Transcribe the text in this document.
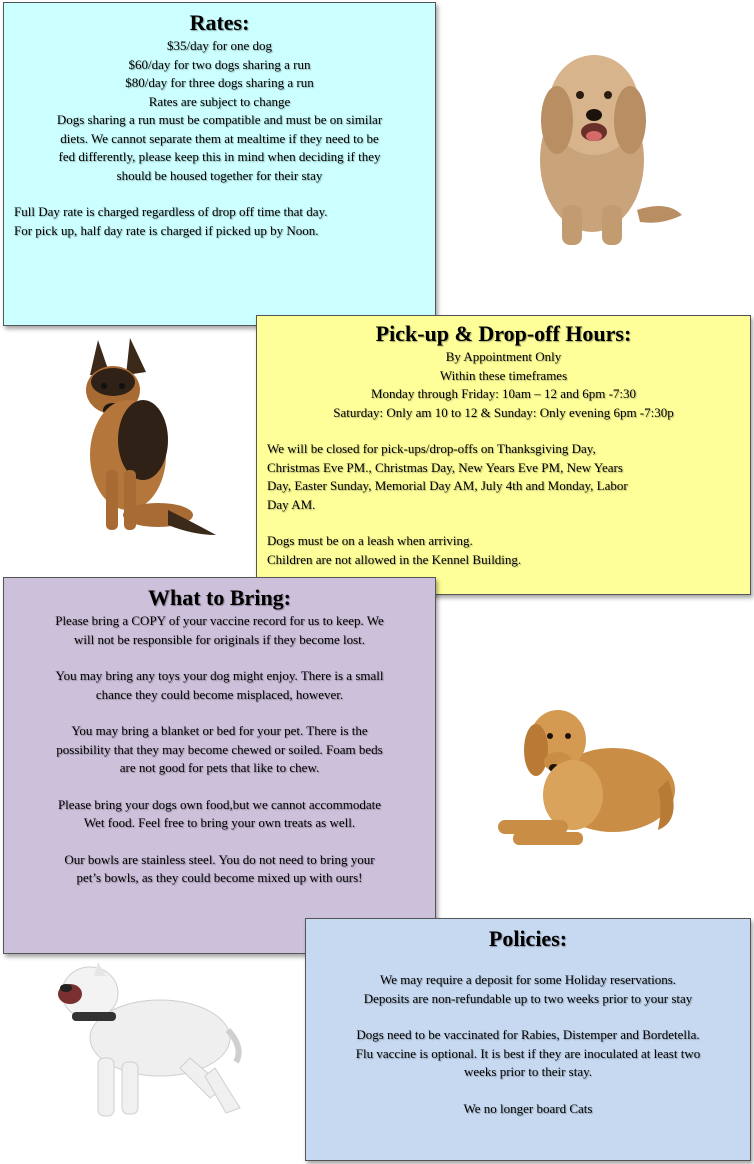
Rates:
$35/day for one dog
$60/day for two dogs sharing a run
$80/day for three dogs sharing a run
Rates are subject to change
Dogs sharing a run must be compatible and must be on similar
diets. We cannot separate them at mealtime if they need to be
fed differently, please keep this in mind when deciding if they
should be housed together for their stay
Full Day rate is charged regardless of drop off time that day.
For pick up, half day rate is charged if picked up by Noon.
Pick-up & Drop-off Hours:
By Appointment Only
Within these timeframes
Monday through Friday: 10am – 12 and 6pm -7:30
Saturday: Only am 10 to 12 & Sunday: Only evening 6pm -7:30p
We will be closed for pick-ups/drop-offs on Thanksgiving Day,
Christmas Eve PM., Christmas Day, New Years Eve PM, New Years
Day, Easter Sunday, Memorial Day AM, July 4th and Monday, Labor
Day AM.
Dogs must be on a leash when arriving.
Children are not allowed in the Kennel Building.
What to Bring:
Please bring a COPY of your vaccine record for us to keep. We
will not be responsible for originals if they become lost.
You may bring any toys your dog might enjoy. There is a small
chance they could become misplaced, however.
You may bring a blanket or bed for your pet. There is the
possibility that they may become chewed or soiled. Foam beds
are not good for pets that like to chew.
Please bring your dogs own food,but we cannot accommodate
Wet food. Feel free to bring your own treats as well.
Our bowls are stainless steel. You do not need to bring your
pet’s bowls, as they could become mixed up with ours!
Policies:
We may require a deposit for some Holiday reservations.
Deposits are non-refundable up to two weeks prior to your stay
Dogs need to be vaccinated for Rabies, Distemper and Bordetella.
Flu vaccine is optional. It is best if they are inoculated at least two
weeks prior to their stay.
We no longer board Cats
